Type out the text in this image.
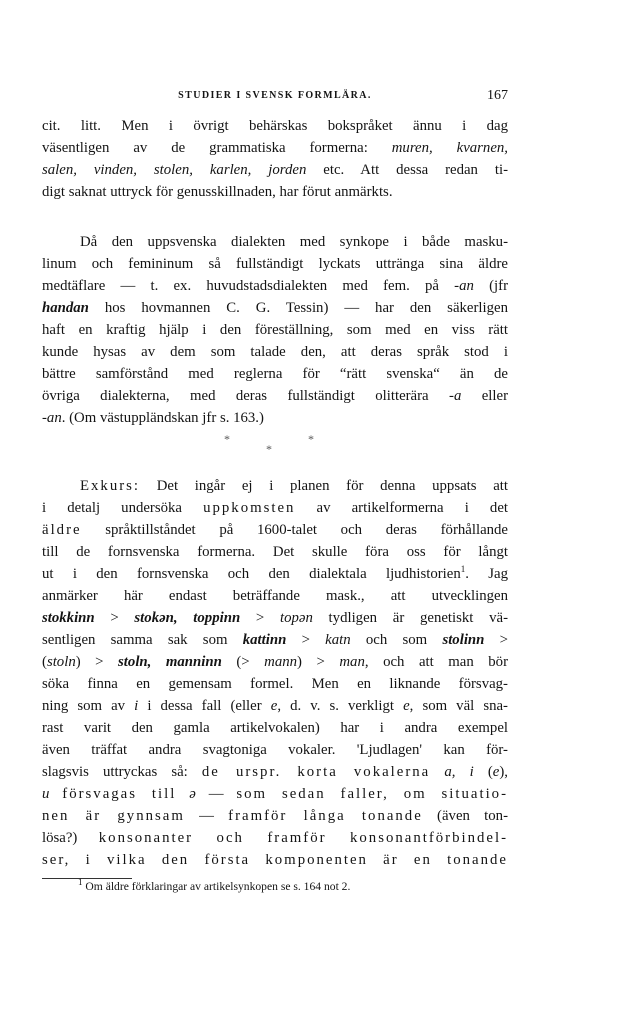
STUDIER I SVENSK FORMLÄRA.	167
cit. litt. Men i övrigt behärskas bokspråket ännu i dag
väsentligen av de grammatiska formerna: muren, kvarnen,
salen, vinden, stolen, karlen, jorden etc. Att dessa redan ti-
digt saknat uttryck för genusskillnaden, har förut anmärkts.
Då den uppsvenska dialekten med synkope i både masku-
linum och femininum så fullständigt lyckats uttränga sina äldre
medtäflare — t. ex. huvudstadsdialekten med fem. på -an (jfr
handan hos hovmannen C. G. Tessin) — har den säkerligen
haft en kraftig hjälp i den föreställning, som med en viss rätt
kunde hysas av dem som talade den, att deras språk stod i
bättre samförstånd med reglerna för “rätt svenska“ än de
övriga dialekterna, med deras fullständigt olitterära -a eller
-an. (Om västuppländskan jfr s. 163.)
*	*
*
Exkurs: Det ingår ej i planen för denna uppsats att
i detalj undersöka uppkomsten av artikelformerna i det
äldre språktillståndet på 1600-talet och deras förhållande
till de fornsvenska formerna. Det skulle föra oss för långt
ut i den fornsvenska och den dialektala ljudhistorien$^1$. Jag
anmärker här endast beträffande mask., att utvecklingen
stokkinn > stokən, toppinn > topən tydligen är genetiskt vä-
sentligen samma sak som kattinn > katn och som stolinn >
(stoln) > stoln, manninn (> mann) > man, och att man bör
söka finna en gemensam formel. Men en liknande försvag-
ning som av i i dessa fall (eller e, d. v. s. verkligt e, som väl sna-
rast varit den gamla artikelvokalen) har i andra exempel
även träffat andra svagtoniga vokaler. 'Ljudlagen' kan för-
slagsvis uttryckas så: de urspr. korta vokalerna a, i (e),
u försvagas till ə — som sedan faller, om situatio-
nen är gynnsam — framför långa tonande (även ton-
lösa?) konsonanter och framför konsonantförbindel-
ser, i vilka den första komponenten är en tonande
$^1$ Om äldre förklaringar av artikelsynkopen se s. 164 not 2.
